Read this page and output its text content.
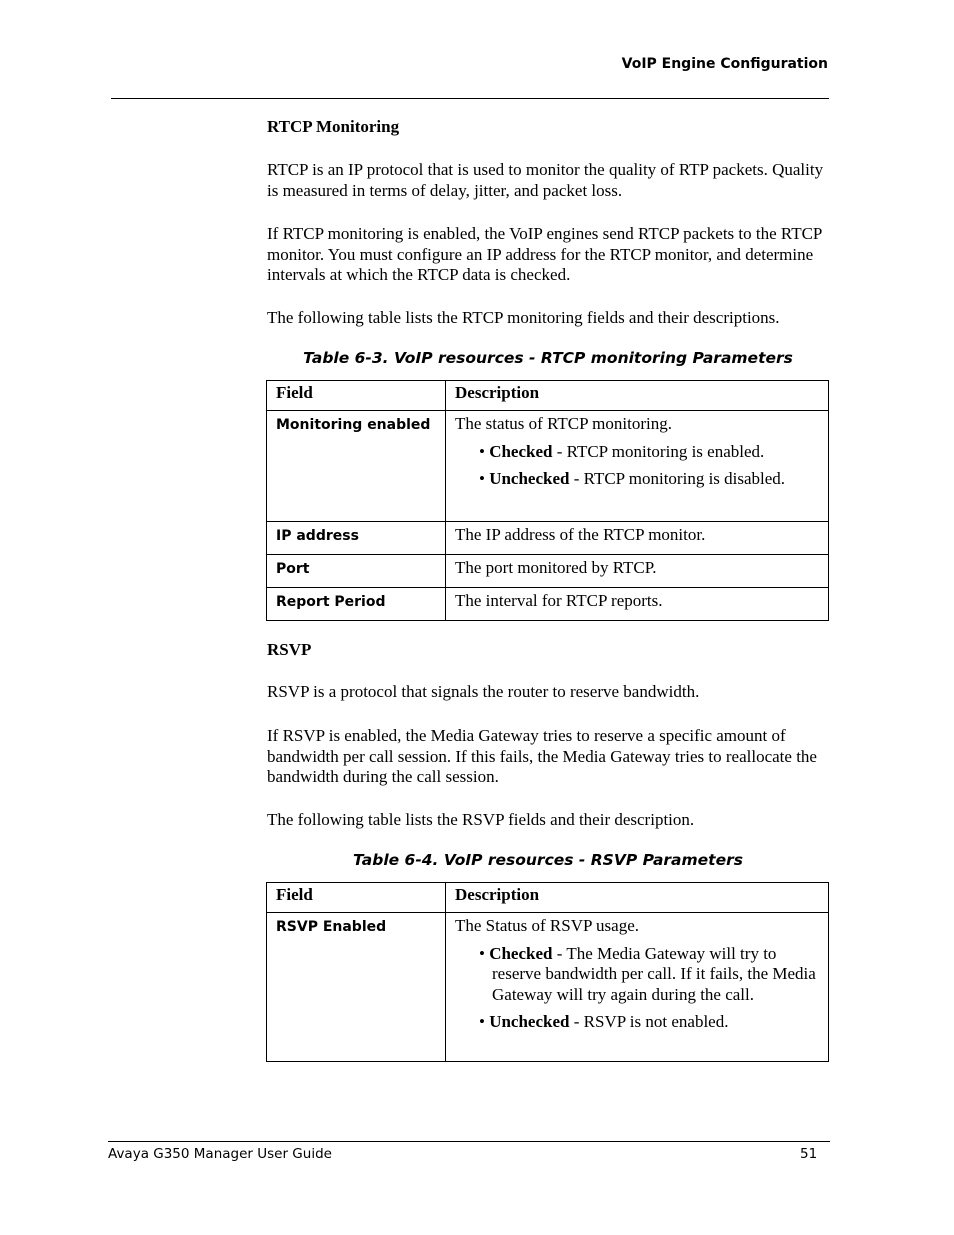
VoIP Engine Configuration
RTCP Monitoring
RTCP is an IP protocol that is used to monitor the quality of RTP packets. Quality is measured in terms of delay, jitter, and packet loss.
If RTCP monitoring is enabled, the VoIP engines send RTCP packets to the RTCP monitor. You must configure an IP address for the RTCP monitor, and determine intervals at which the RTCP data is checked.
The following table lists the RTCP monitoring fields and their descriptions.
Table 6-3. VoIP resources - RTCP monitoring Parameters
Field	Description
Monitoring enabled	The status of RTCP monitoring.
• Checked - RTCP monitoring is enabled.
• Unchecked - RTCP monitoring is disabled.

IP address	The IP address of the RTCP monitor.
Port	The port monitored by RTCP.
Report Period	The interval for RTCP reports.
RSVP
RSVP is a protocol that signals the router to reserve bandwidth.
If RSVP is enabled, the Media Gateway tries to reserve a specific amount of bandwidth per call session. If this fails, the Media Gateway tries to reallocate the bandwidth during the call session.
The following table lists the RSVP fields and their description.
Table 6-4. VoIP resources - RSVP Parameters
Field	Description
RSVP Enabled	The Status of RSVP usage.
• Checked - The Media Gateway will try to reserve bandwidth per call. If it fails, the Media Gateway will try again during the call.
• Unchecked - RSVP is not enabled.
Avaya G350 Manager User Guide	51
